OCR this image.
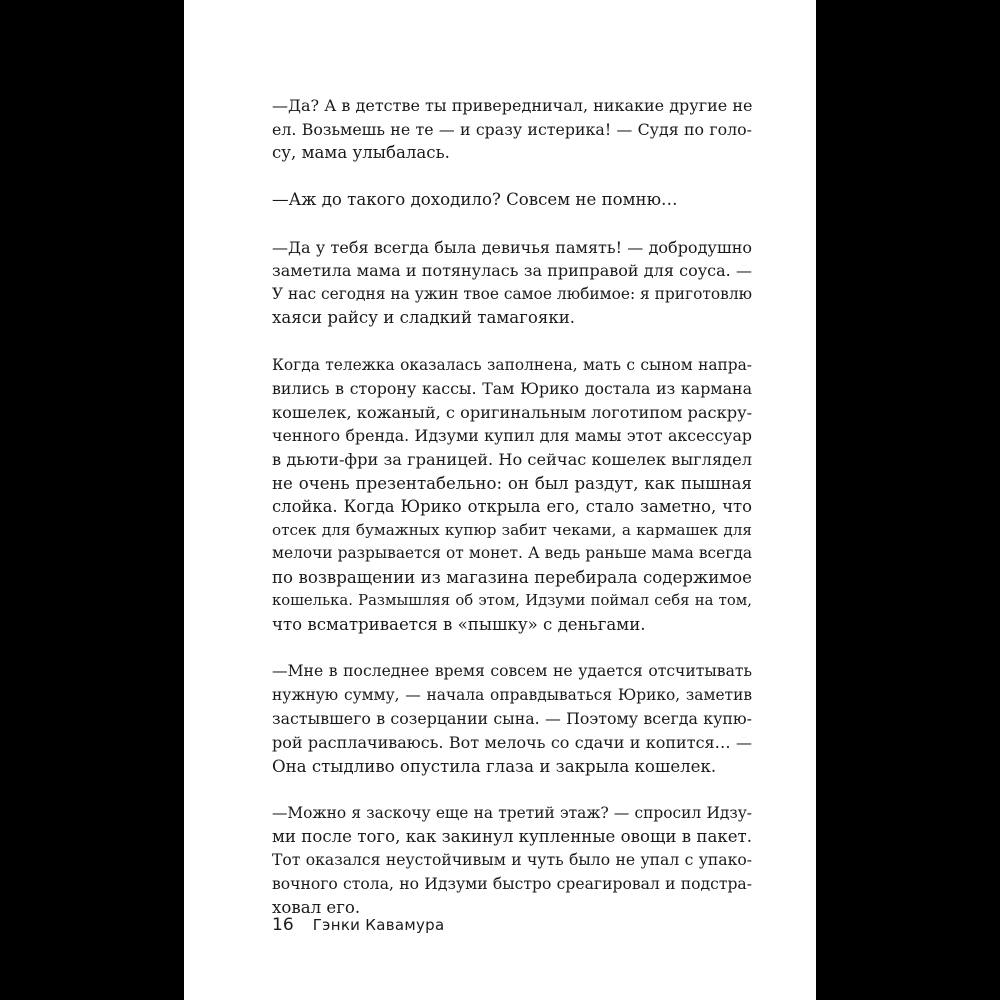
—Да? А в детстве ты привередничал, никакие другие не
ел. Возьмешь не те — и сразу истерика! — Судя по голо-
су, мама улыбалась.
—Аж до такого доходило? Совсем не помню…
—Да у тебя всегда была девичья память! — добродушно
заметила мама и потянулась за приправой для соуса. —
У нас сегодня на ужин твое самое любимое: я приготовлю
хаяси райсу и сладкий тамагояки.
Когда тележка оказалась заполнена, мать с сыном напра-
вились в сторону кассы. Там Юрико достала из кармана
кошелек, кожаный, с оригинальным логотипом раскру-
ченного бренда. Идзуми купил для мамы этот аксессуар
в дьюти-фри за границей. Но сейчас кошелек выглядел
не очень презентабельно: он был раздут, как пышная
слойка. Когда Юрико открыла его, стало заметно, что
отсек для бумажных купюр забит чеками, а кармашек для
мелочи разрывается от монет. А ведь раньше мама всегда
по возвращении из магазина перебирала содержимое
кошелька. Размышляя об этом, Идзуми поймал себя на том,
что всматривается в «пышку» с деньгами.
—Мне в последнее время совсем не удается отсчитывать
нужную сумму, — начала оправдываться Юрико, заметив
застывшего в созерцании сына. — Поэтому всегда купю-
рой расплачиваюсь. Вот мелочь со сдачи и копится… —
Она стыдливо опустила глаза и закрыла кошелек.
—Можно я заскочу еще на третий этаж? — спросил Идзу-
ми после того, как закинул купленные овощи в пакет.
Тот оказался неустойчивым и чуть было не упал с упако-
вочного стола, но Идзуми быстро среагировал и подстра-
ховал его.
16 Гэнки Кавамура
